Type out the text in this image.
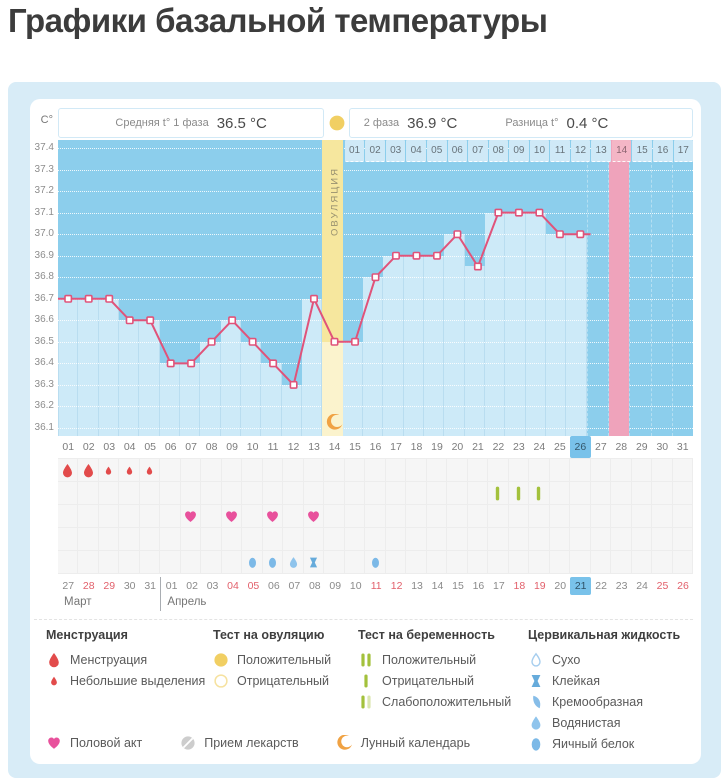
Графики базальной температуры
C°
37.4
37.3
37.2
37.1
37.0
36.9
36.8
36.7
36.6
36.5
36.4
36.3
36.2
36.1
Средняя t° 1 фаза 36.5 °C	2 фаза 36.9 °C	Разница t° 0.4 °C
01 02 03 04 05 06 07 08 09 10 11 12 13 14 15 16 17
ОВУЛЯЦИЯ
01 02 03 04 05 06 07 08 09 10 11 12 13 14 15 16 17 18 19 20 21 22 23 24 25 26 27 28 29 30 31
27 28 29 30 31
Март
01 02 03 04 05 06 07 08 09 10 11 12 13 14 15 16 17 18 19 20 21 22 23 24 25 26
Апрель
Менструация
Менструация
Небольшие выделения
Тест на овуляцию
Положительный
Отрицательный
Тест на беременность
Положительный
Отрицательный
Слабоположительный
Цервикальная жидкость
Сухо
Клейкая
Кремообразная
Водянистая
Яичный белок
Половой акт	Прием лекарств	Лунный календарь
